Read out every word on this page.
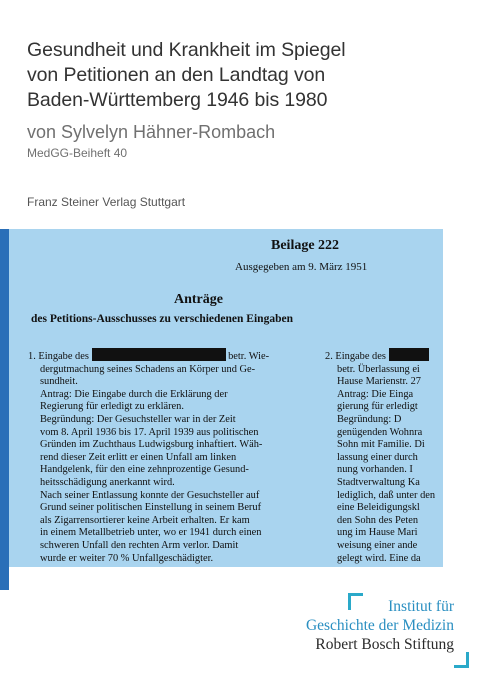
Gesundheit und Krankheit im Spiegel
von Petitionen an den Landtag von
Baden-Württemberg 1946 bis 1980
von Sylvelyn Hähner-Rombach
MedGG-Beiheft 40
Franz Steiner Verlag Stuttgart
Beilage 222
Ausgegeben am 9. März 1951
Anträge
des Petitions-Ausschusses zu verschiedenen Eingaben
1. Eingabe des	betr. Wie-
dergutmachung seines Schadens an Körper und Ge-
sundheit.
Antrag: Die Eingabe durch die Erklärung der
Regierung für erledigt zu erklären.
Begründung: Der Gesuchsteller war in der Zeit
vom 8. April 1936 bis 17. April 1939 aus politischen
Gründen im Zuchthaus Ludwigsburg inhaftiert. Wäh-
rend dieser Zeit erlitt er einen Unfall am linken
Handgelenk, für den eine zehnprozentige Gesund-
heitsschädigung anerkannt wird.
Nach seiner Entlassung konnte der Gesuchsteller auf
Grund seiner politischen Einstellung in seinem Beruf
als Zigarrensortierer keine Arbeit erhalten. Er kam
in einem Metallbetrieb unter, wo er 1941 durch einen
schweren Unfall den rechten Arm verlor. Damit
wurde er weiter 70 % Unfallgeschädigter.
2. Eingabe des
betr. Überlassung ei
Hause Marienstr. 27
Antrag: Die Einga
gierung für erledigt
Begründung: D
genügenden Wohnra
Sohn mit Familie. Di
lassung einer durch
nung vorhanden. I
Stadtverwaltung Ka
lediglich, daß unter den
eine Beleidigungskl
den Sohn des Peten
ung im Hause Mari
weisung einer ande
gelegt wird. Eine da
Institut für
Geschichte der Medizin
Robert Bosch Stiftung
